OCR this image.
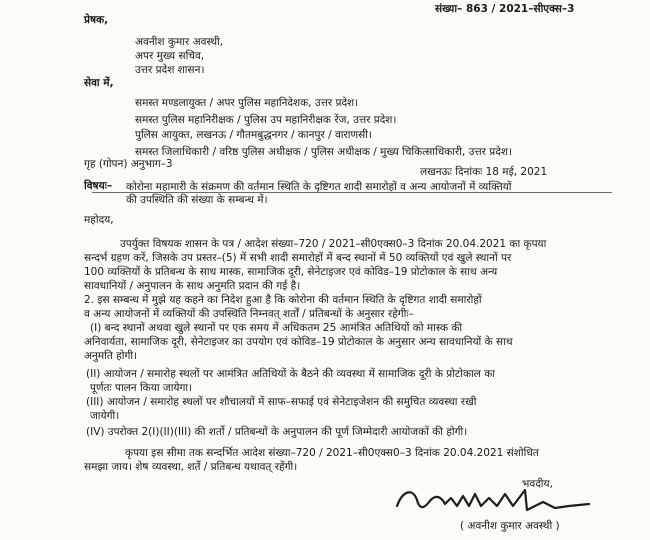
संख्या– 863 / 2021–सीएक्स–3
प्रेषक,
अवनीश कुमार अवस्थी,
अपर मुख्य सचिव,
उत्तर प्रदेश शासन।
सेवा में,
समस्त मण्डलायुक्त / अपर पुलिस महानिदेशक, उत्तर प्रदेश।
समस्त पुलिस महानिरीक्षक / पुलिस उप महानिरीक्षक रेंज, उत्तर प्रदेश।
पुलिस आयुक्त, लखनऊ / गौतमबुद्धनगर / कानपुर / वाराणसी।
समस्त जिलाधिकारी / वरिष्ठ पुलिस अधीक्षक / पुलिस अधीक्षक / मुख्य चिकित्साधिकारी, उत्तर प्रदेश।
गृह (गोपन) अनुभाग–3
लखनऊः दिनांकः 18 मई, 2021
विषयः– कोरोना महामारी के संक्रमण की वर्तमान स्थिति के दृष्टिगत शादी समारोहों व अन्य आयोजनों में व्यक्तियों
की उपस्थिति की संख्या के सम्बन्ध में।
महोदय,
उपर्युक्त विषयक शासन के पत्र / आदेश संख्या–720 / 2021–सी0एक्स0–3 दिनांक 20.04.2021 का कृपया
सन्दर्भ ग्रहण करें, जिसके उप प्रस्तर–(5) में सभी शादी समारोहों में बन्द स्थानों में 50 व्यक्तियों एवं खुले स्थानों पर
100 व्यक्तियों के प्रतिबन्ध के साथ मास्क, सामाजिक दूरी, सेनेटाइजर एवं कोविड–19 प्रोटोकाल के साथ अन्य
सावधानियों / अनुपालन के साथ अनुमति प्रदान की गई है।
2. इस सम्बन्ध में मुझे यह कहने का निदेश हुआ है कि कोरोना की वर्तमान स्थिति के दृष्टिगत शादी समारोहों
व अन्य आयोजनों में व्यक्तियों की उपस्थिति निम्नवत् शर्तों / प्रतिबन्धों के अनुसार रहेगीः–
(I) बन्द स्थानों अथवा खुले स्थानों पर एक समय में अधिकतम 25 आमंत्रित अतिथियों को मास्क की
अनिवार्यता, सामाजिक दूरी, सेनेटाइजर का उपयोग एवं कोविड–19 प्रोटोकाल के अनुसार अन्य सावधानियों के साथ
अनुमति होगी।
(II) आयोजन / समारोह स्थलों पर आमंत्रित अतिथियों के बैठने की व्यवस्था में सामाजिक दूरी के प्रोटोकाल का
पूर्णतः पालन किया जायेगा।
(III) आयोजन / समारोह स्थलों पर शौचालयों में साफ–सफाई एवं सेनेटाइजेशन की समुचित व्यवस्था रखी
जायेगी।
(IV) उपरोक्त 2(I)(II)(III) की शर्तो / प्रतिबन्धों के अनुपालन की पूर्ण जिम्मेदारी आयोजकों की होगी।
कृपया इस सीमा तक सन्दर्भित आदेश संख्या–720 / 2021–सी0एक्स0–3 दिनांक 20.04.2021 संशोधित
समझा जाय। शेष व्यवस्था, शर्ते / प्रतिबन्ध यथावत् रहेंगी।
भवदीय,
( अवनीश कुमार अवस्थी )
